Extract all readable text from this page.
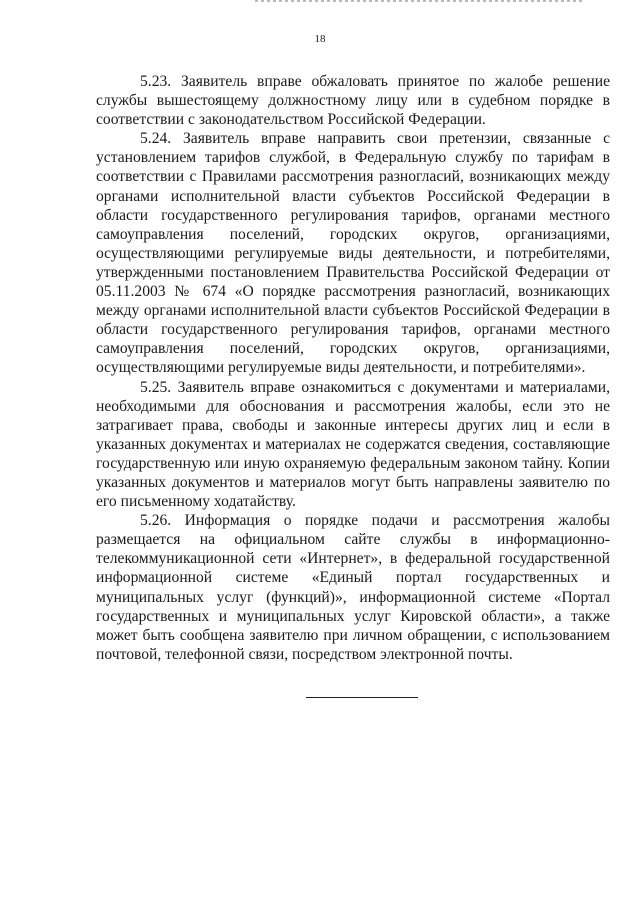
18

5.23. Заявитель вправе обжаловать принятое по жалобе решение службы вышестоящему должностному лицу или в судебном порядке в соответствии с законодательством Российской Федерации.

5.24. Заявитель вправе направить свои претензии, связанные с установлением тарифов службой, в Федеральную службу по тарифам в соответствии с Правилами рассмотрения разногласий, возникающих между органами исполнительной власти субъектов Российской Федерации в области государственного регулирования тарифов, органами местного самоуправления поселений, городских округов, организациями, осуществляющими регулируемые виды деятельности, и потребителями, утвержденными постановлением Правительства Российской Федерации от 05.11.2003 № 674 «О порядке рассмотрения разногласий, возникающих между органами исполнительной власти субъектов Российской Федерации в области государственного регулирования тарифов, органами местного самоуправления поселений, городских округов, организациями, осуществляющими регулируемые виды деятельности, и потребителями».

5.25. Заявитель вправе ознакомиться с документами и материалами, необходимыми для обоснования и рассмотрения жалобы, если это не затрагивает права, свободы и законные интересы других лиц и если в указанных документах и материалах не содержатся сведения, составляющие государственную или иную охраняемую федеральным законом тайну. Копии указанных документов и материалов могут быть направлены заявителю по его письменному ходатайству.

5.26. Информация о порядке подачи и рассмотрения жалобы размещается на официальном сайте службы в информационно-телекоммуникационной сети «Интернет», в федеральной государственной информационной системе «Единый портал государственных и муниципальных услуг (функций)», информационной системе «Портал государственных и муниципальных услуг Кировской области», а также может быть сообщена заявителю при личном обращении, с использованием почтовой, телефонной связи, посредством электронной почты.
